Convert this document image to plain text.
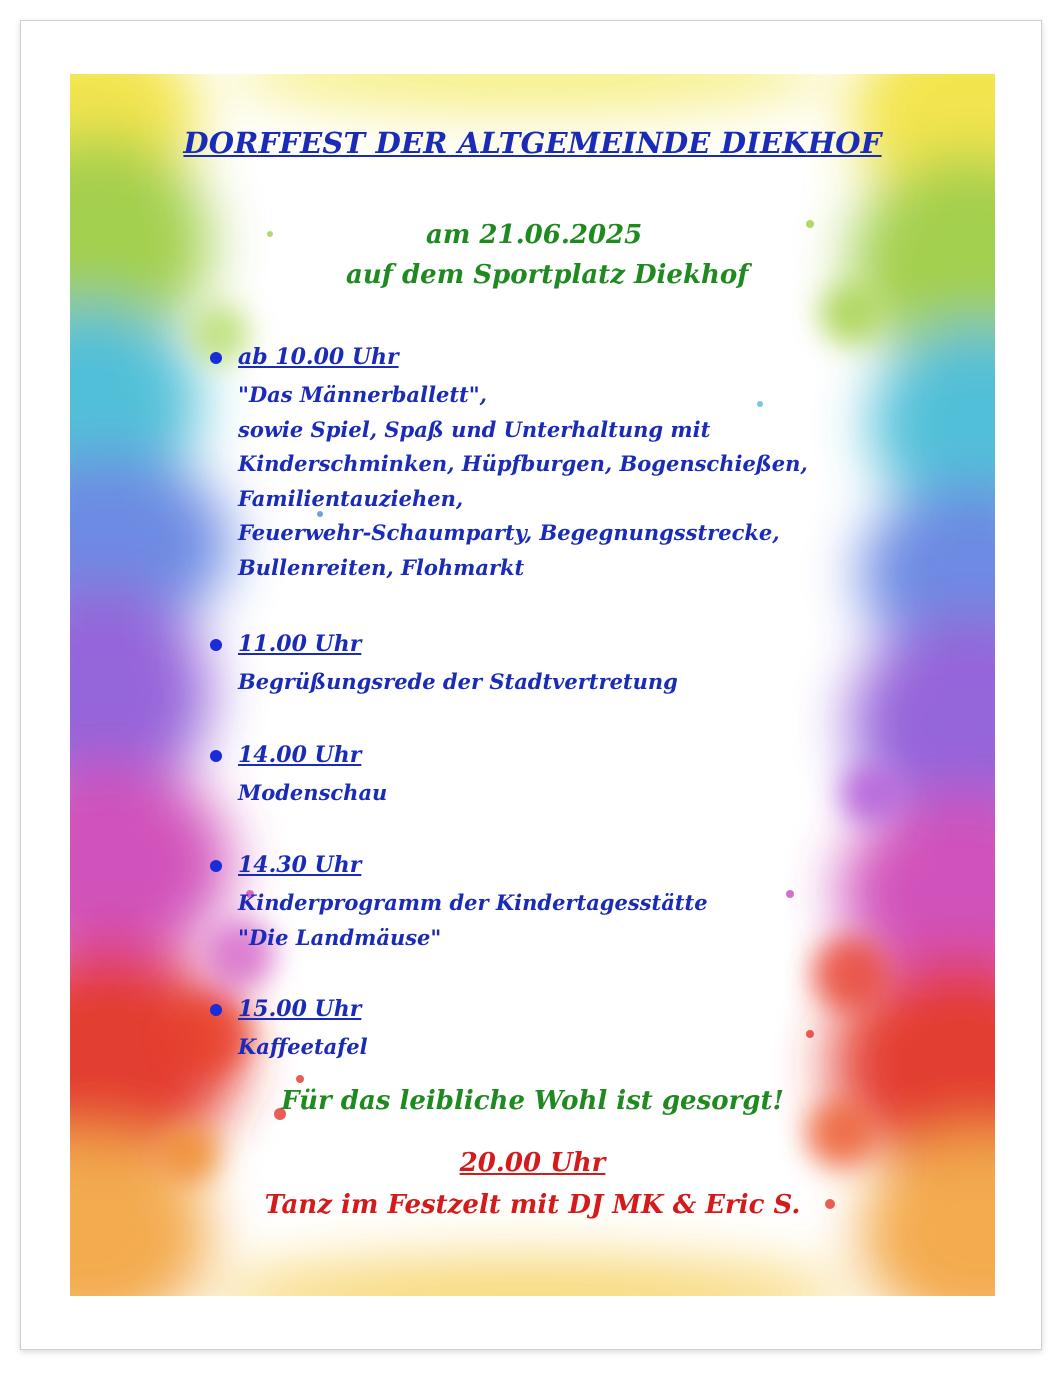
DORFFEST DER ALTGEMEINDE DIEKHOF
am 21.06.2025
auf dem Sportplatz Diekhof
ab 10.00 Uhr
"Das Männerballett",
sowie Spiel, Spaß und Unterhaltung mit
Kinderschminken, Hüpfburgen, Bogenschießen,
Familientauziehen,
Feuerwehr-Schaumparty, Begegnungsstrecke,
Bullenreiten, Flohmarkt
11.00 Uhr
Begrüßungsrede der Stadtvertretung
14.00 Uhr
Modenschau
14.30 Uhr
Kinderprogramm der Kindertagesstätte
"Die Landmäuse"
15.00 Uhr
Kaffeetafel
Für das leibliche Wohl ist gesorgt!
20.00 Uhr
Tanz im Festzelt mit DJ MK & Eric S.
